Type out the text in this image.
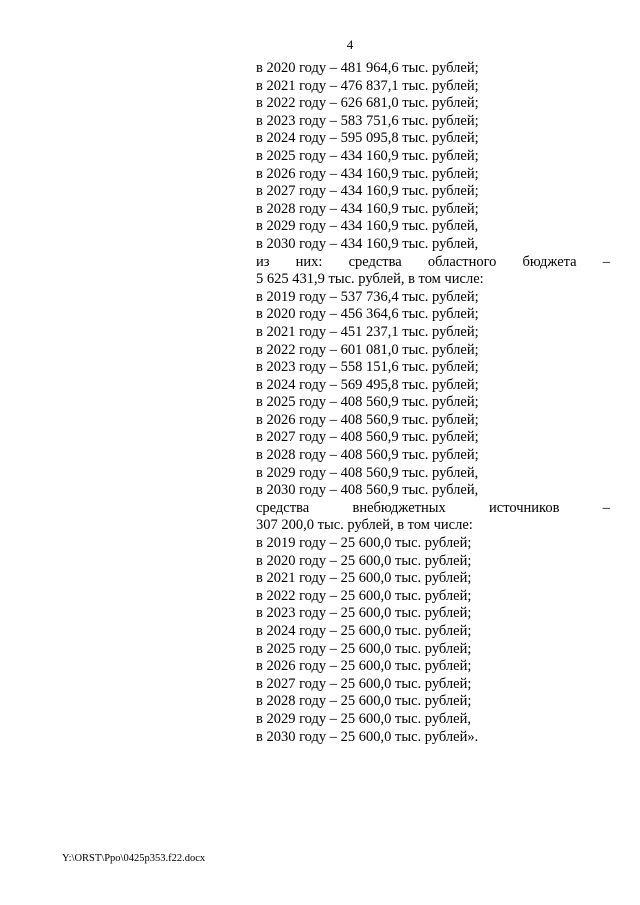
4
в 2020 году – 481 964,6 тыс. рублей;
в 2021 году – 476 837,1 тыс. рублей;
в 2022 году – 626 681,0 тыс. рублей;
в 2023 году – 583 751,6 тыс. рублей;
в 2024 году – 595 095,8 тыс. рублей;
в 2025 году – 434 160,9 тыс. рублей;
в 2026 году – 434 160,9 тыс. рублей;
в 2027 году – 434 160,9 тыс. рублей;
в 2028 году – 434 160,9 тыс. рублей;
в 2029 году – 434 160,9 тыс. рублей,
в 2030 году – 434 160,9 тыс. рублей,
из них: средства областного бюджета –
5 625 431,9 тыс. рублей, в том числе:
в 2019 году – 537 736,4 тыс. рублей;
в 2020 году – 456 364,6 тыс. рублей;
в 2021 году – 451 237,1 тыс. рублей;
в 2022 году – 601 081,0 тыс. рублей;
в 2023 году – 558 151,6 тыс. рублей;
в 2024 году – 569 495,8 тыс. рублей;
в 2025 году – 408 560,9 тыс. рублей;
в 2026 году – 408 560,9 тыс. рублей;
в 2027 году – 408 560,9 тыс. рублей;
в 2028 году – 408 560,9 тыс. рублей;
в 2029 году – 408 560,9 тыс. рублей,
в 2030 году – 408 560,9 тыс. рублей,
средства	внебюджетных	источников	–
307 200,0 тыс. рублей, в том числе:
в 2019 году – 25 600,0 тыс. рублей;
в 2020 году – 25 600,0 тыс. рублей;
в 2021 году – 25 600,0 тыс. рублей;
в 2022 году – 25 600,0 тыс. рублей;
в 2023 году – 25 600,0 тыс. рублей;
в 2024 году – 25 600,0 тыс. рублей;
в 2025 году – 25 600,0 тыс. рублей;
в 2026 году – 25 600,0 тыс. рублей;
в 2027 году – 25 600,0 тыс. рублей;
в 2028 году – 25 600,0 тыс. рублей;
в 2029 году – 25 600,0 тыс. рублей,
в 2030 году – 25 600,0 тыс. рублей».
Y:\ORST\Ppo\0425p353.f22.docx
